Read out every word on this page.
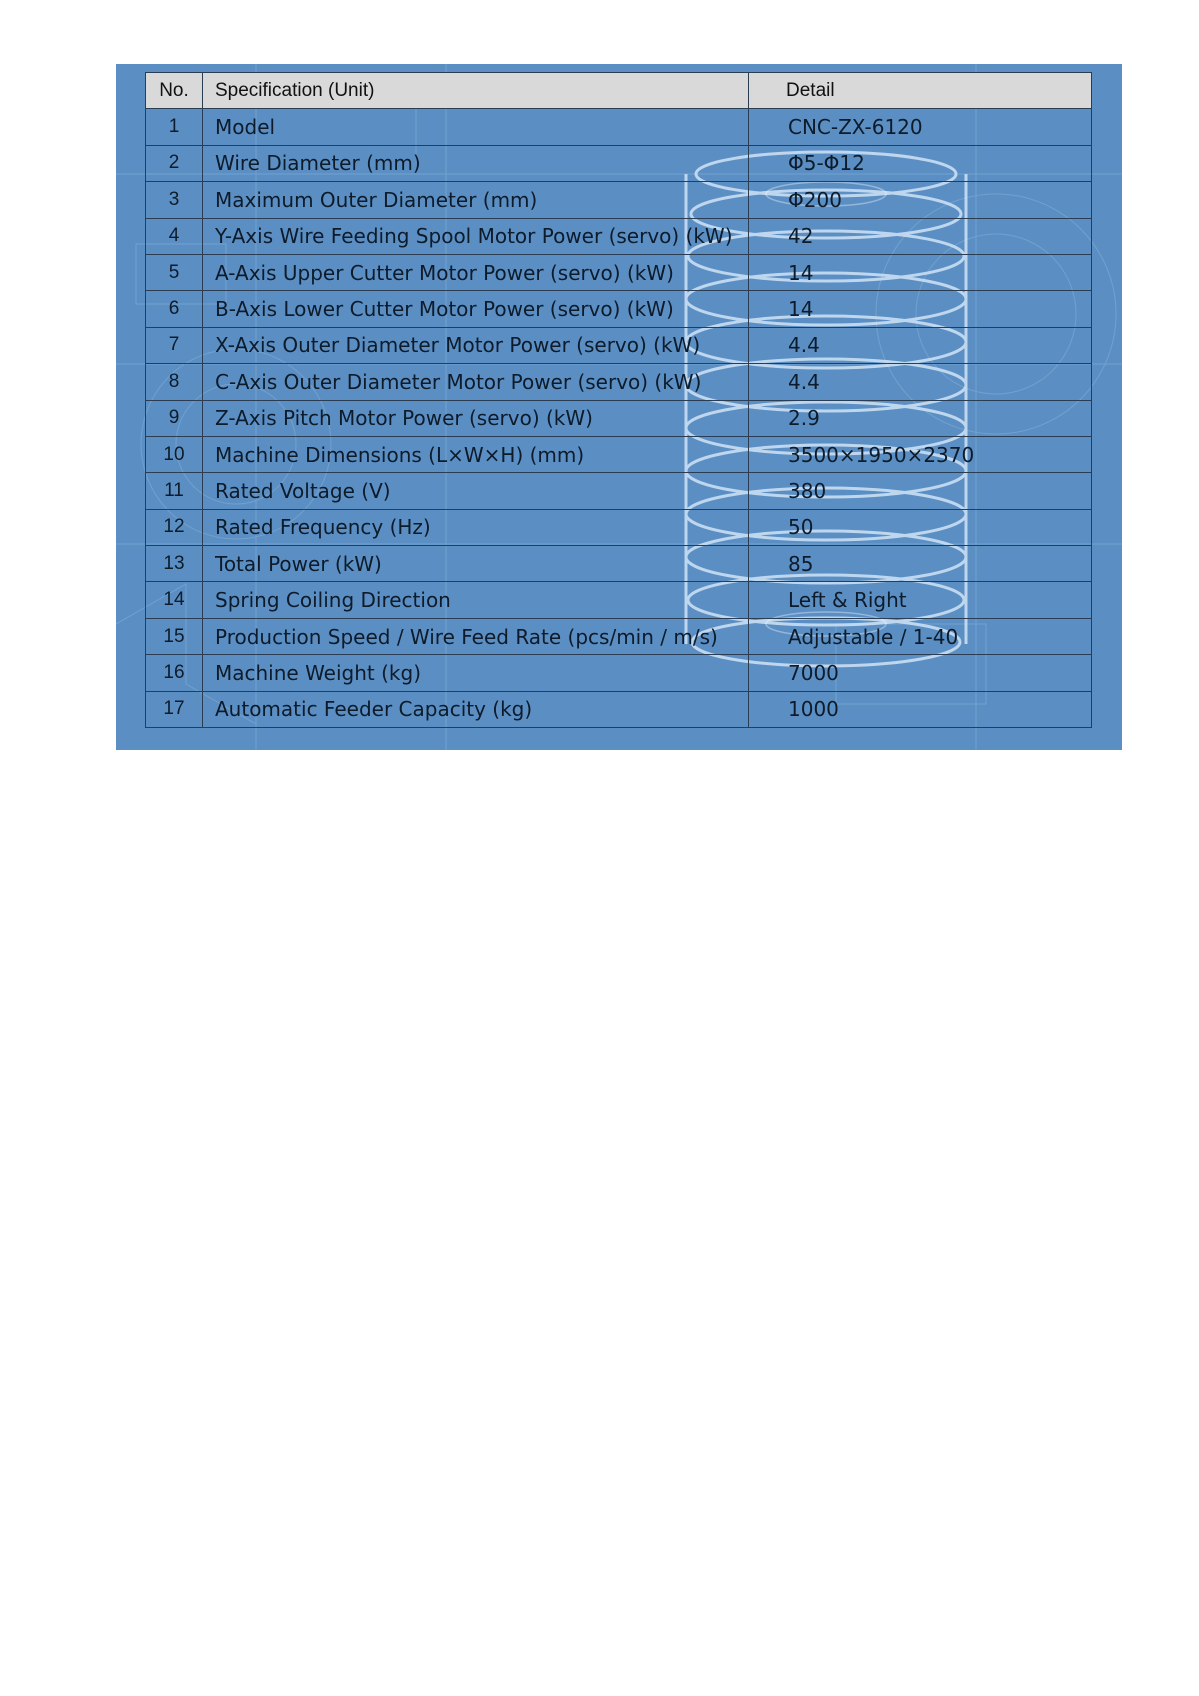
No.	Specification (Unit)	Detail
1	Model	CNC-ZX-6120
2	Wire Diameter (mm)	Φ5-Φ12
3	Maximum Outer Diameter (mm)	Φ200
4	Y-Axis Wire Feeding Spool Motor Power (servo) (kW)	42
5	A-Axis Upper Cutter Motor Power (servo) (kW)	14
6	B-Axis Lower Cutter Motor Power (servo) (kW)	14
7	X-Axis Outer Diameter Motor Power (servo) (kW)	4.4
8	C-Axis Outer Diameter Motor Power (servo) (kW)	4.4
9	Z-Axis Pitch Motor Power (servo) (kW)	2.9
10	Machine Dimensions (L×W×H) (mm)	3500×1950×2370
11	Rated Voltage (V)	380
12	Rated Frequency (Hz)	50
13	Total Power (kW)	85
14	Spring Coiling Direction	Left & Right
15	Production Speed / Wire Feed Rate (pcs/min / m/s)	Adjustable / 1-40
16	Machine Weight (kg)	7000
17	Automatic Feeder Capacity (kg)	1000
